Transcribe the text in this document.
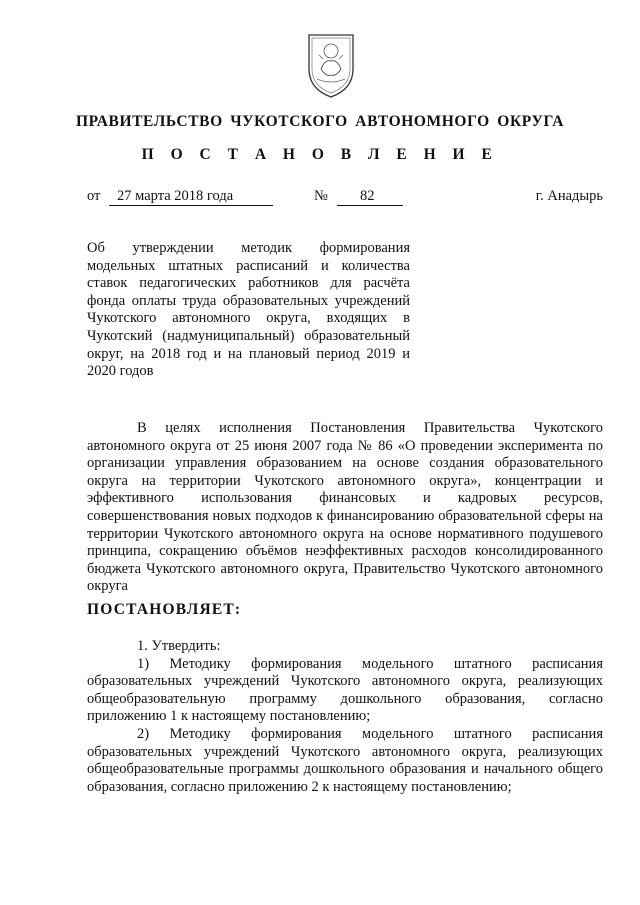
ПРАВИТЕЛЬСТВО ЧУКОТСКОГО АВТОНОМНОГО ОКРУГА
П О С Т А Н О В Л Е Н И Е
от	27 марта 2018 года	№	82	г. Анадырь

Об утверждении методик формирования модельных штатных расписаний и количества ставок педагогических работников для расчёта фонда оплаты труда образовательных учреждений Чукотского автономного округа, входящих в Чукотский (надмуниципальный) образовательный округ, на 2018 год и на плановый период 2019 и 2020 годов

В целях исполнения Постановления Правительства Чукотского автономного округа от 25 июня 2007 года № 86 «О проведении эксперимента по организации управления образованием на основе создания образовательного округа на территории Чукотского автономного округа», концентрации и эффективного использования финансовых и кадровых ресурсов, совершенствования новых подходов к финансированию образовательной сферы на территории Чукотского автономного округа на основе нормативного подушевого принципа, сокращению объёмов неэффективных расходов консолидированного бюджета Чукотского автономного округа, Правительство Чукотского автономного округа

ПОСТАНОВЛЯЕТ:

1. Утвердить:

1) Методику формирования модельного штатного расписания образовательных учреждений Чукотского автономного округа, реализующих общеобразовательную программу дошкольного образования, согласно приложению 1 к настоящему постановлению;

2) Методику формирования модельного штатного расписания образовательных учреждений Чукотского автономного округа, реализующих общеобразовательные программы дошкольного образования и начального общего образования, согласно приложению 2 к настоящему постановлению;
